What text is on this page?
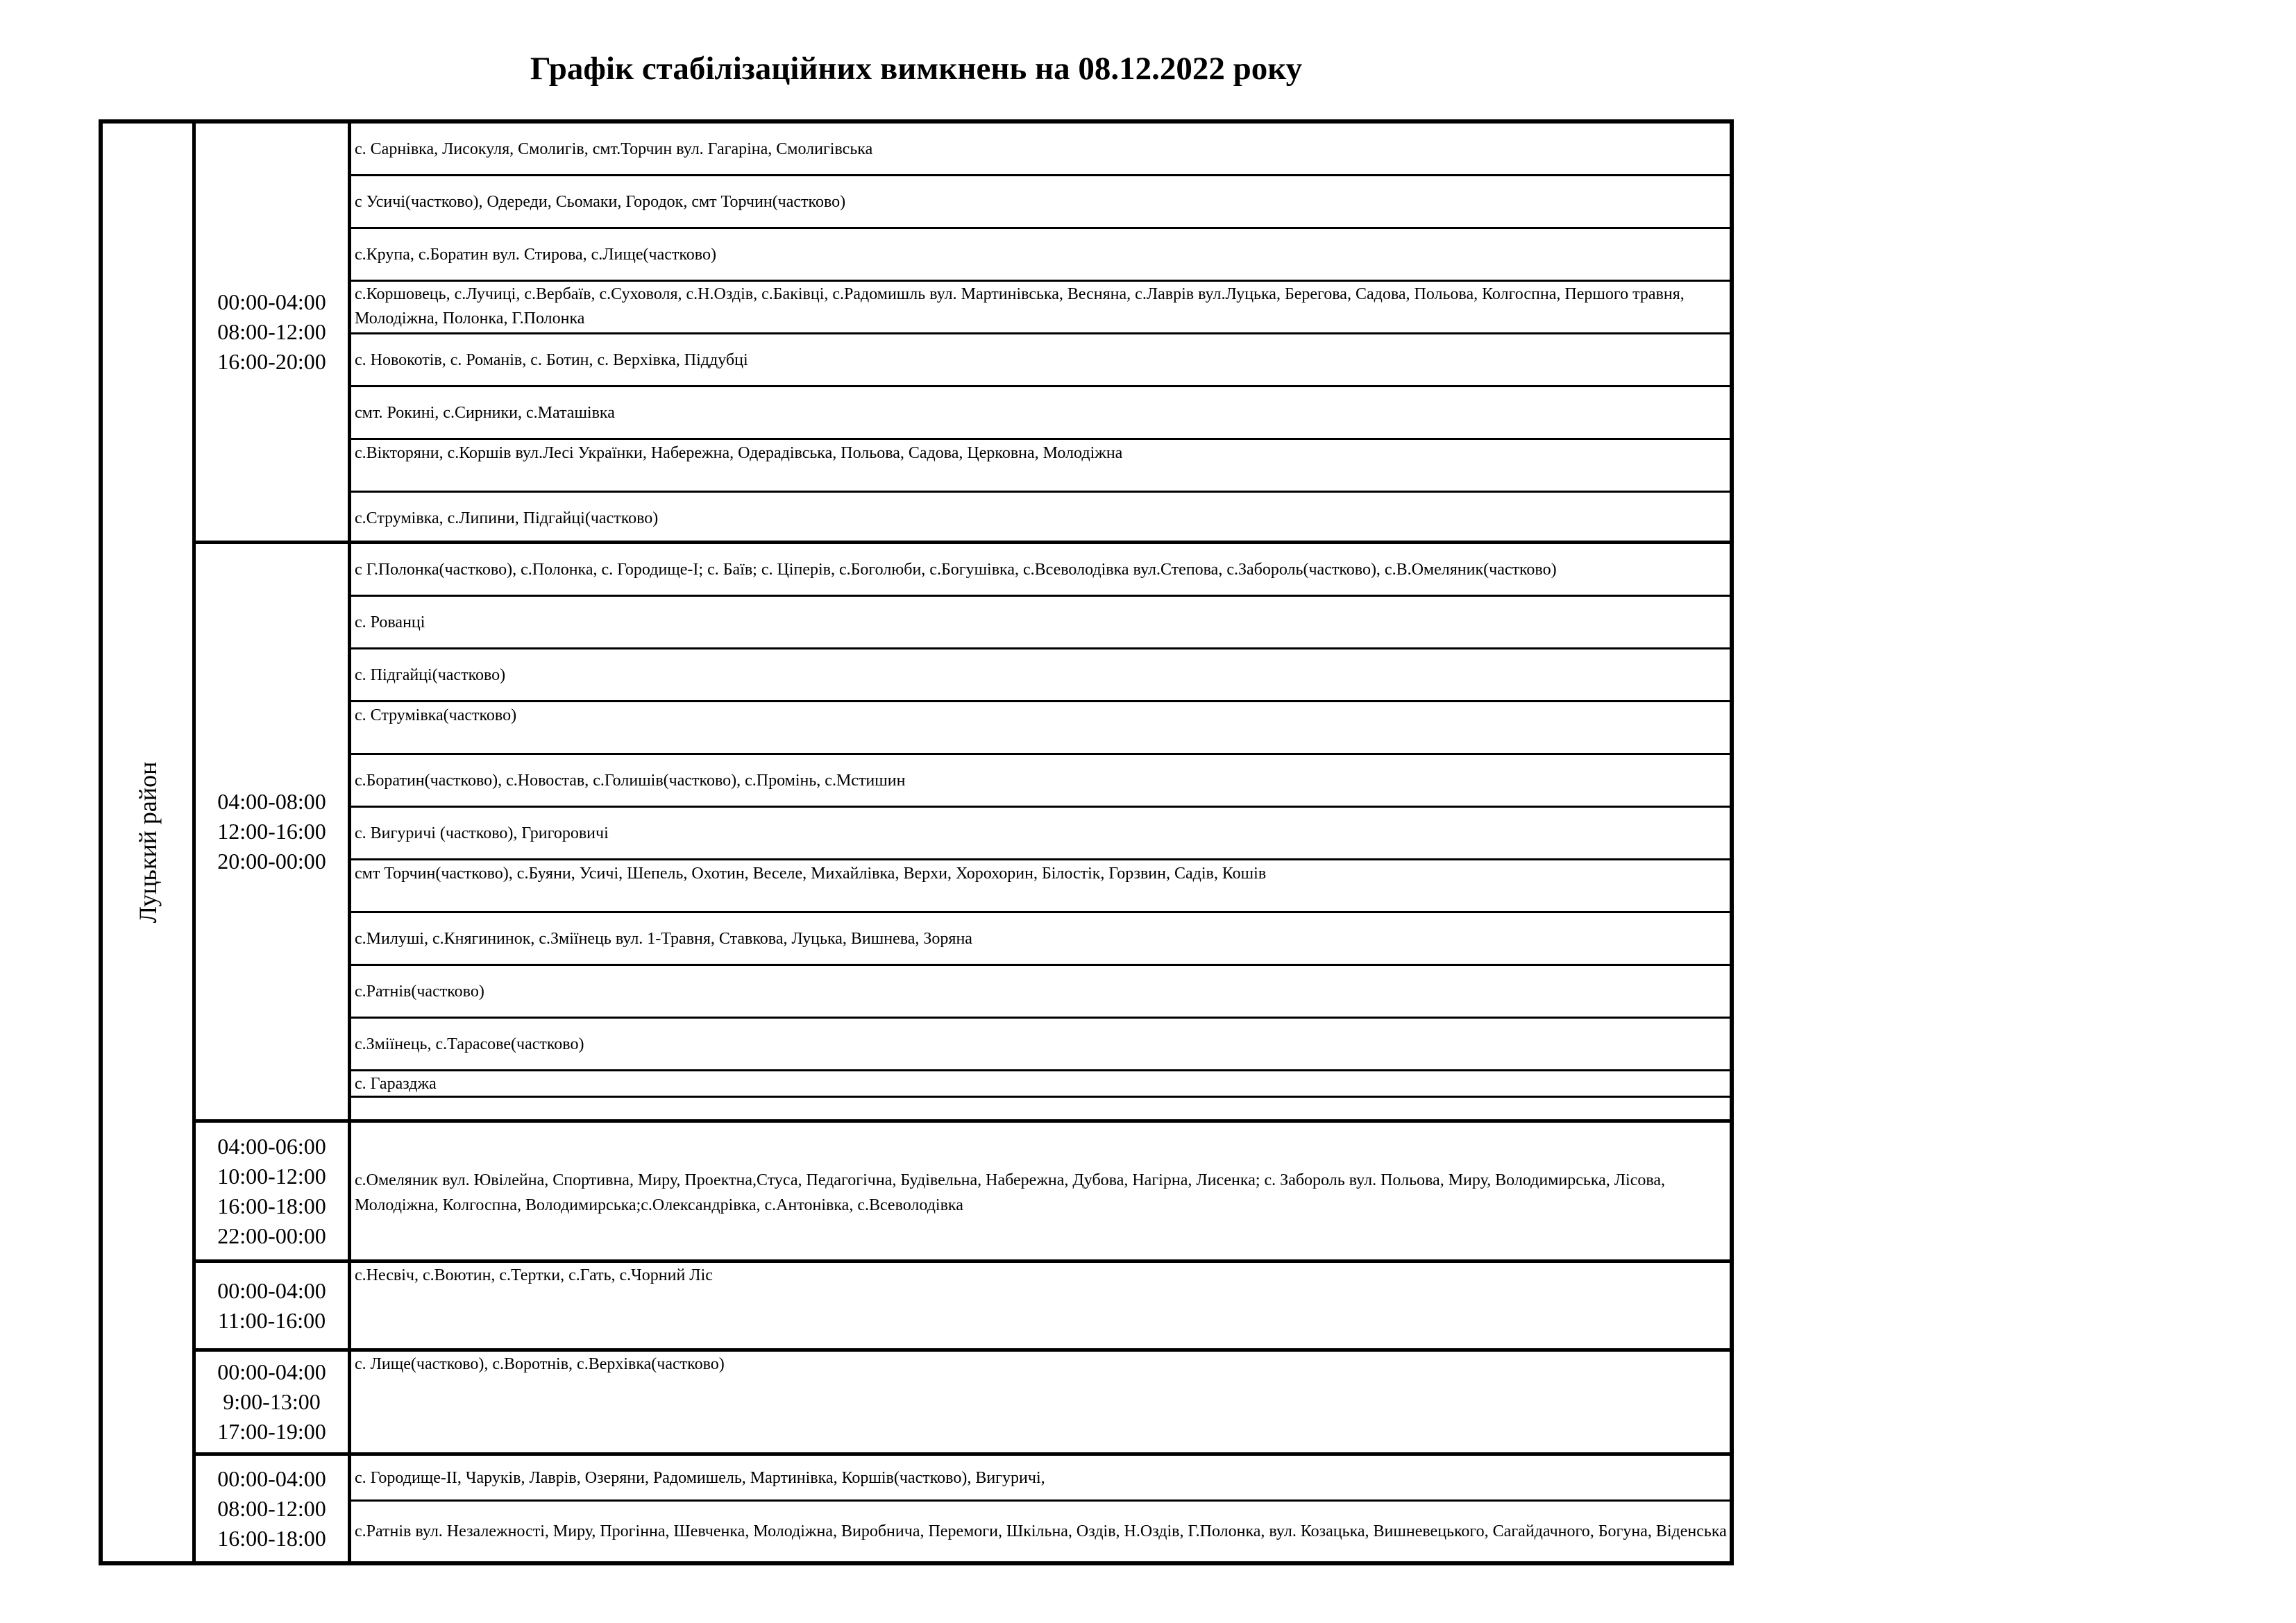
Графік стабілізаційних вимкнень на 08.12.2022 року
Луцький район
00:00-04:00
08:00-12:00
16:00-20:00
с. Сарнівка, Лисокуля, Смолигів, смт.Торчин вул. Гагаріна, Смолигівська
с Усичі(частково), Одереди, Сьомаки, Городок, смт Торчин(частково)
с.Крупа, с.Боратин вул. Стирова, с.Лище(частково)
с.Коршовець, с.Лучиці, с.Вербаїв, с.Суховоля, с.Н.Оздів, с.Баківці, с.Радомишль вул. Мартинівська, Весняна, с.Лаврів вул.Луцька, Берегова, Садова, Польова, Колгоспна, Першого травня, Молодіжна, Полонка, Г.Полонка
с. Новокотів, с. Романів, с. Ботин, с. Верхівка, Піддубці
смт. Рокині, с.Сирники, с.Маташівка
с.Вікторяни, с.Коршів вул.Лесі Українки, Набережна, Одерадівська, Польова, Садова, Церковна, Молодіжна
с.Струмівка, с.Липини, Підгайці(частково)
04:00-08:00
12:00-16:00
20:00-00:00
с Г.Полонка(частково), с.Полонка, с. Городище-І; с. Баїв; с. Ціперів, с.Боголюби, с.Богушівка, с.Всеволодівка вул.Степова, с.Забороль(частково), с.В.Омеляник(частково)
с. Рованці
с. Підгайці(частково)
с. Струмівка(частково)
с.Боратин(частково), с.Новостав, с.Голишів(частково), с.Промінь, с.Мстишин
с. Вигуричі (частково), Григоровичі
смт Торчин(частково), с.Буяни, Усичі, Шепель, Охотин, Веселе, Михайлівка, Верхи, Хорохорин, Білостік, Горзвин, Садів, Кошів
с.Милуші, с.Княгининок, с.Зміїнець вул. 1-Травня, Ставкова, Луцька, Вишнева, Зоряна
с.Ратнів(частково)
с.Зміїнець, с.Тарасове(частково)
с. Гаразджа
04:00-06:00
10:00-12:00
16:00-18:00
22:00-00:00
с.Омеляник вул. Ювілейна, Спортивна, Миру, Проектна,Стуса, Педагогічна, Будівельна, Набережна, Дубова, Нагірна, Лисенка; с. Забороль вул. Польова, Миру, Володимирська, Лісова, Молодіжна, Колгоспна, Володимирська;с.Олександрівка, с.Антонівка, с.Всеволодівка
00:00-04:00
11:00-16:00
с.Несвіч, с.Воютин, с.Тертки, с.Гать, с.Чорний Ліс
00:00-04:00
9:00-13:00
17:00-19:00
с. Лище(частково), с.Воротнів, с.Верхівка(частково)
00:00-04:00
08:00-12:00
16:00-18:00
с. Городище-ІІ, Чаруків, Лаврів, Озеряни, Радомишель, Мартинівка, Коршів(частково), Вигуричі,
с.Ратнів вул. Незалежності, Миру, Прогінна, Шевченка, Молодіжна, Виробнича, Перемоги, Шкільна, Оздів, Н.Оздів, Г.Полонка, вул. Козацька, Вишневецького, Сагайдачного, Богуна, Віденська
